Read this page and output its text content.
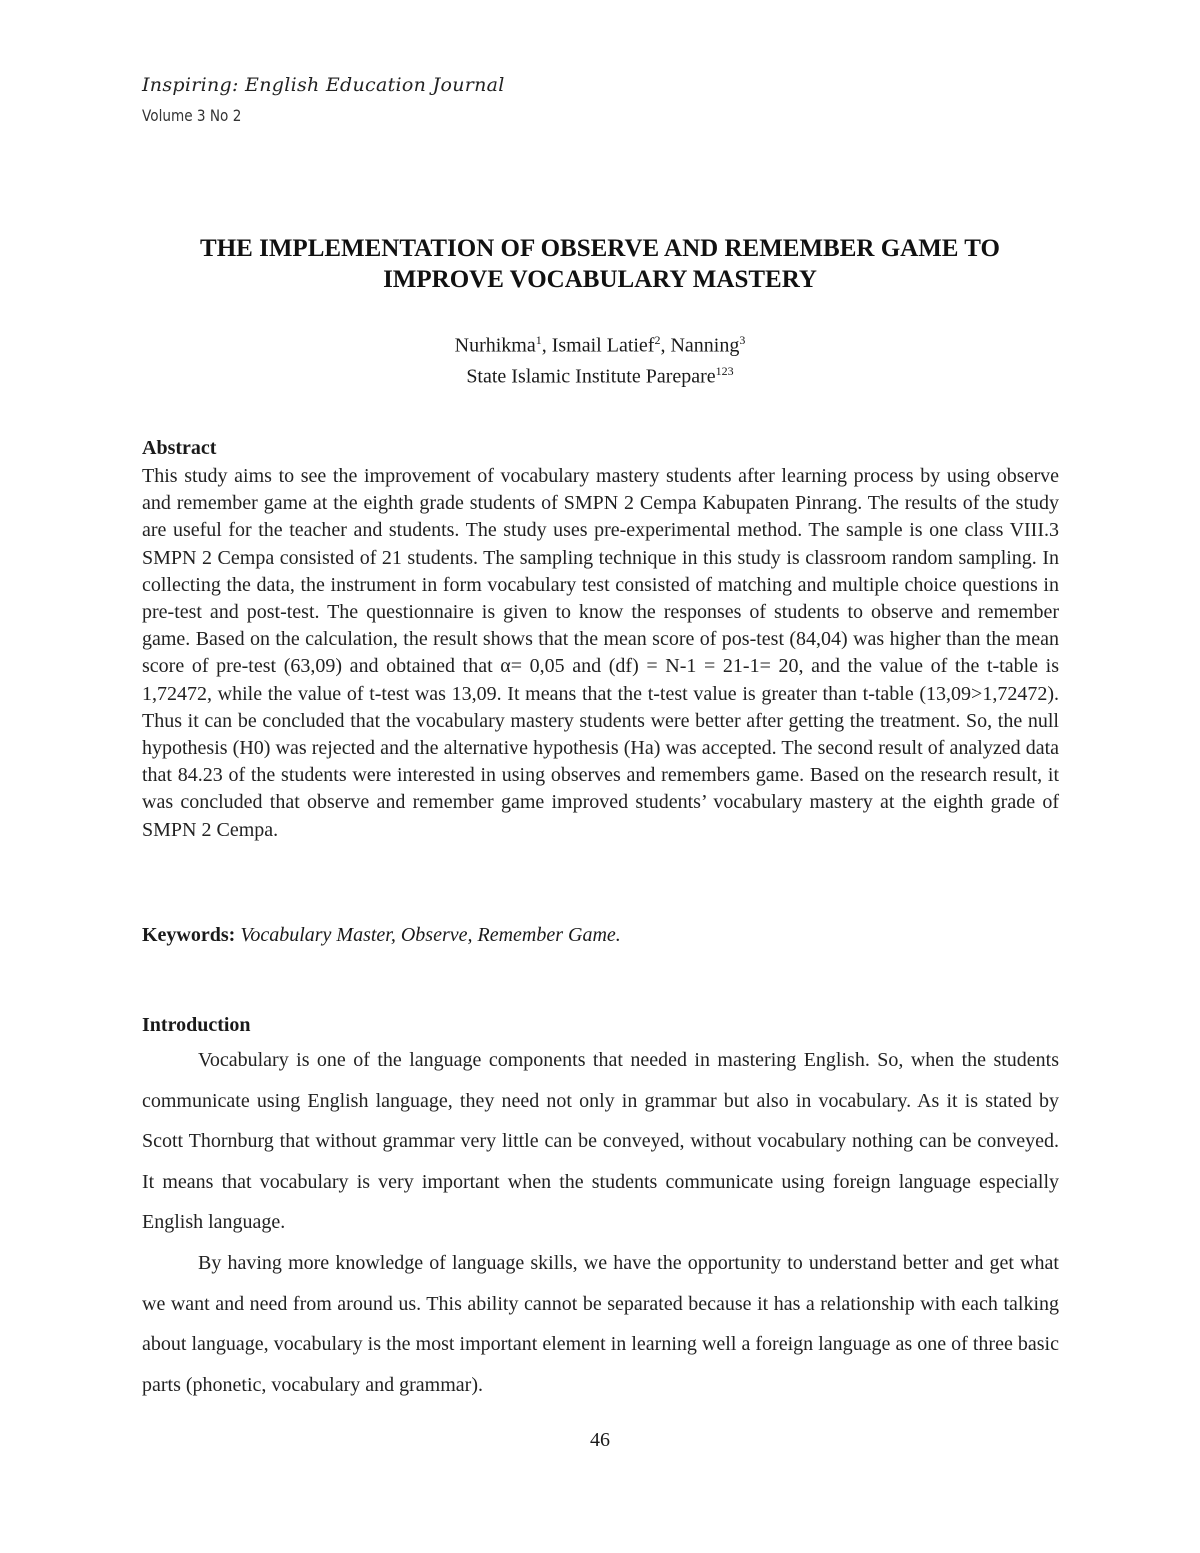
Inspiring: English Education Journal
Volume 3 No 2
THE IMPLEMENTATION OF OBSERVE AND REMEMBER GAME TO
IMPROVE VOCABULARY MASTERY
Nurhikma$^1$, Ismail Latief$^2$, Nanning$^3$
State Islamic Institute Parepare$^{123}$
Abstract
This study aims to see the improvement of vocabulary mastery students after learning process by using observe and remember game at the eighth grade students of SMPN 2 Cempa Kabupaten Pinrang. The results of the study are useful for the teacher and students. The study uses pre-experimental method. The sample is one class VIII.3 SMPN 2 Cempa consisted of 21 students. The sampling technique in this study is classroom random sampling. In collecting the data, the instrument in form vocabulary test consisted of matching and multiple choice questions in pre-test and post-test. The questionnaire is given to know the responses of students to observe and remember game. Based on the calculation, the result shows that the mean score of pos-test (84,04) was higher than the mean score of pre-test (63,09) and obtained that α= 0,05 and (df) = N-1 = 21-1= 20, and the value of the t-table is 1,72472, while the value of t-test was 13,09. It means that the t-test value is greater than t-table (13,09>1,72472). Thus it can be concluded that the vocabulary mastery students were better after getting the treatment. So, the null hypothesis (H0) was rejected and the alternative hypothesis (Ha) was accepted. The second result of analyzed data that 84.23 of the students were interested in using observes and remembers game. Based on the research result, it was concluded that observe and remember game improved students’ vocabulary mastery at the eighth grade of SMPN 2 Cempa.
Keywords: Vocabulary Master, Observe, Remember Game.
Introduction

Vocabulary is one of the language components that needed in mastering English. So, when the students communicate using English language, they need not only in grammar but also in vocabulary. As it is stated by Scott Thornburg that without grammar very little can be conveyed, without vocabulary nothing can be conveyed. It means that vocabulary is very important when the students communicate using foreign language especially English language.

By having more knowledge of language skills, we have the opportunity to understand better and get what we want and need from around us. This ability cannot be separated because it has a relationship with each talking about language, vocabulary is the most important element in learning well a foreign language as one of three basic parts (phonetic, vocabulary and grammar).

46
